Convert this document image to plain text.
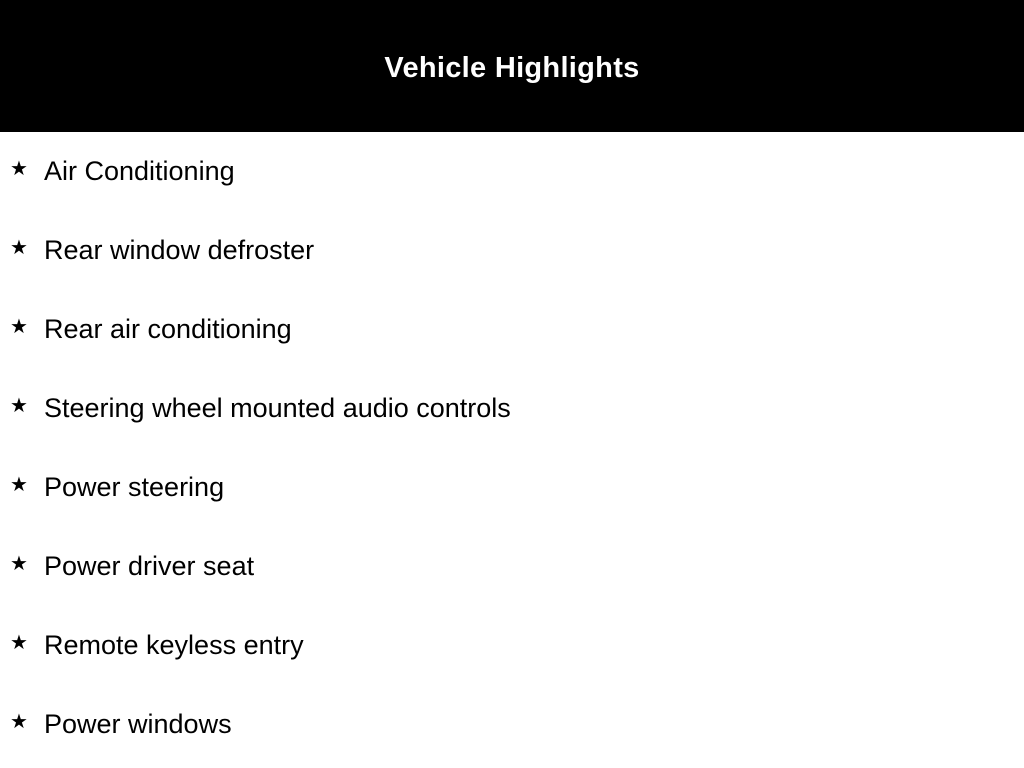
Vehicle Highlights
★ Air Conditioning
★ Rear window defroster
★ Rear air conditioning
★ Steering wheel mounted audio controls
★ Power steering
★ Power driver seat
★ Remote keyless entry
★ Power windows
